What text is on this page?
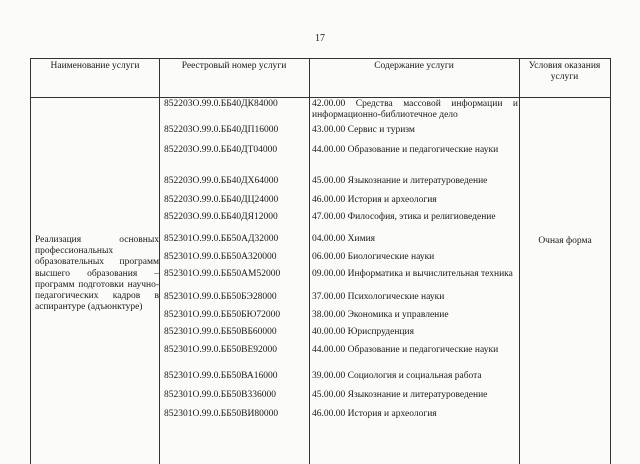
17
Наименование услуги	Реестровый номер услуги	Содержание услуги	Условия оказания услуги
Реализация основных профессиональных образовательных программ высшего образования – программ подготовки научно-педагогических кадров в аспирантуре (адъюнктуре)
Очная форма
852203О.99.0.ББ40ДК84000	42.00.00 Средства массовой информации и информационно-библиотечное дело
852203О.99.0.ББ40ДП16000	43.00.00 Сервис и туризм
852203О.99.0.ББ40ДТ04000	44.00.00 Образование и педагогические науки
852203О.99.0.ББ40ДХ64000	45.00.00 Языкознание и литературоведение
852203О.99.0.ББ40ДЦ24000	46.00.00 История и археология
852203О.99.0.ББ40ДЯ12000	47.00.00 Философия, этика и религиоведение
852301О.99.0.ББ50АД32000	04.00.00 Химия
852301О.99.0.ББ50А320000	06.00.00 Биологические науки
852301О.99.0.ББ50АМ52000	09.00.00 Информатика и вычислительная техника
852301О.99.0.ББ50БЭ28000	37.00.00 Психологические науки
852301О.99.0.ББ50БЮ72000	38.00.00 Экономика и управление
852301О.99.0.ББ50ВБ60000	40.00.00 Юриспруденция
852301О.99.0.ББ50ВЕ92000	44.00.00 Образование и педагогические науки
852301О.99.0.ББ50ВА16000	39.00.00 Социология и социальная работа
852301О.99.0.ББ50В336000	45.00.00 Языкознание и литературоведение
852301О.99.0.ББ50ВИ80000	46.00.00 История и археология
